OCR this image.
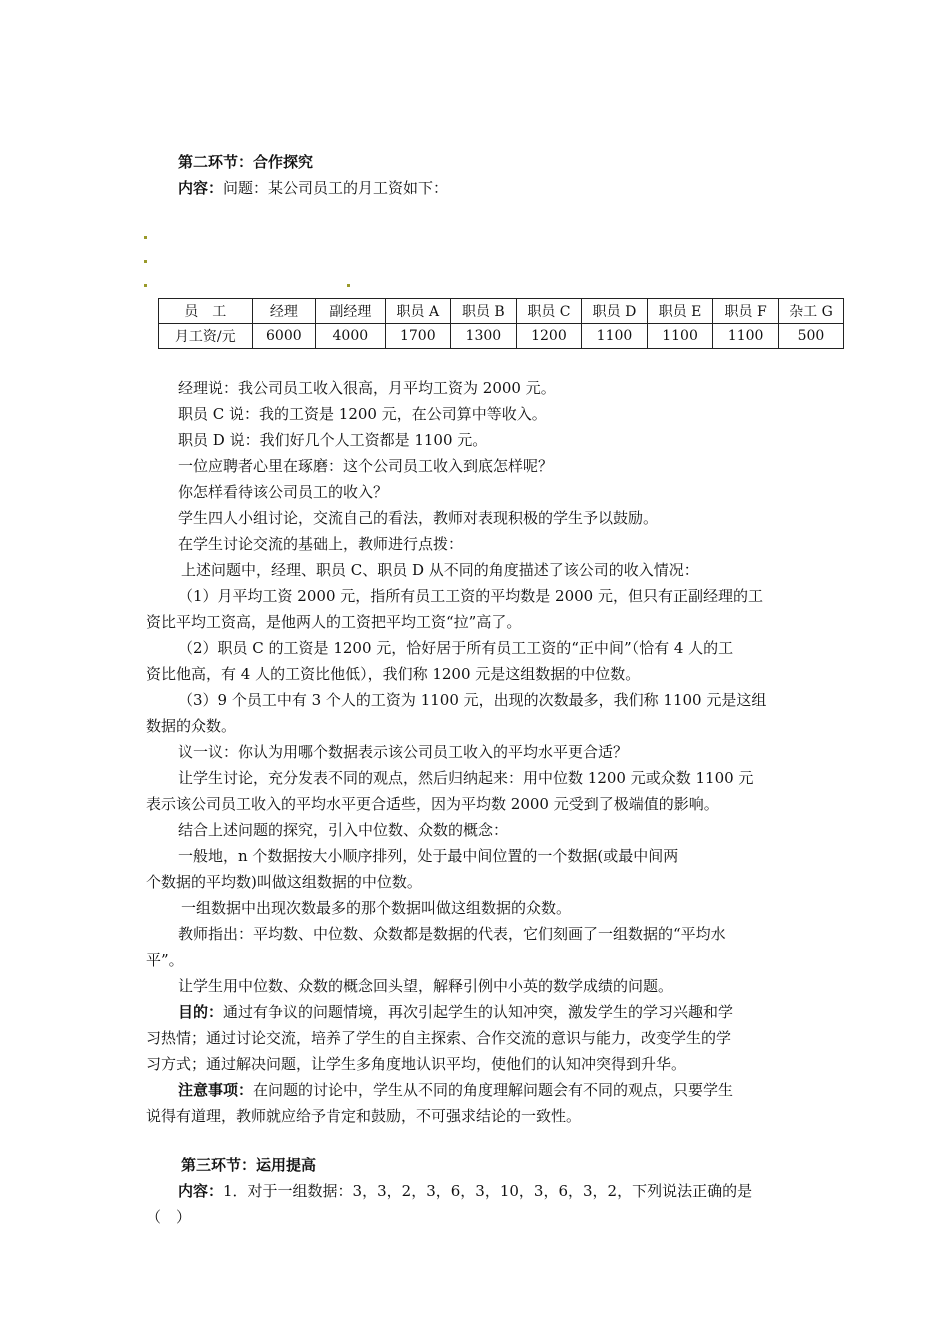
第二环节：合作探究
内容：问题：某公司员工的月工资如下：
员　工	经理	副经理	职员 A	职员 B	职员 C	职员 D	职员 E	职员 F	杂工 G
月工资/元	6000	4000	1700	1300	1200	1100	1100	1100	500
经理说：我公司员工收入很高，月平均工资为 2000 元。
职员 C 说：我的工资是 1200 元，在公司算中等收入。
职员 D 说：我们好几个人工资都是 1100 元。
一位应聘者心里在琢磨：这个公司员工收入到底怎样呢？
你怎样看待该公司员工的收入？
学生四人小组讨论，交流自己的看法，教师对表现积极的学生予以鼓励。
在学生讨论交流的基础上，教师进行点拨：
上述问题中，经理、职员 C、职员 D 从不同的角度描述了该公司的收入情况：
（1）月平均工资 2000 元，指所有员工工资的平均数是 2000 元，但只有正副经理的工
资比平均工资高，是他两人的工资把平均工资“拉”高了。
（2）职员 C 的工资是 1200 元，恰好居于所有员工工资的“正中间”（恰有 4 人的工
资比他高，有 4 人的工资比他低），我们称 1200 元是这组数据的中位数。
（3）9 个员工中有 3 个人的工资为 1100 元，出现的次数最多，我们称 1100 元是这组
数据的众数。
议一议：你认为用哪个数据表示该公司员工收入的平均水平更合适？
让学生讨论，充分发表不同的观点，然后归纳起来：用中位数 1200 元或众数 1100 元
表示该公司员工收入的平均水平更合适些，因为平均数 2000 元受到了极端值的影响。
结合上述问题的探究，引入中位数、众数的概念：
一般地，n 个数据按大小顺序排列，处于最中间位置的一个数据(或最中间两
个数据的平均数)叫做这组数据的中位数。
一组数据中出现次数最多的那个数据叫做这组数据的众数。
教师指出：平均数、中位数、众数都是数据的代表，它们刻画了一组数据的“平均水
平”。
让学生用中位数、众数的概念回头望，解释引例中小英的数学成绩的问题。
目的：通过有争议的问题情境，再次引起学生的认知冲突，激发学生的学习兴趣和学
习热情；通过讨论交流，培养了学生的自主探索、合作交流的意识与能力，改变学生的学
习方式；通过解决问题，让学生多角度地认识平均，使他们的认知冲突得到升华。
注意事项：在问题的讨论中，学生从不同的角度理解问题会有不同的观点，只要学生
说得有道理，教师就应给予肯定和鼓励，不可强求结论的一致性。
第三环节：运用提高
内容：1．对于一组数据：3，3，2，3，6，3，10，3，6，3，2，下列说法正确的是
（　）
